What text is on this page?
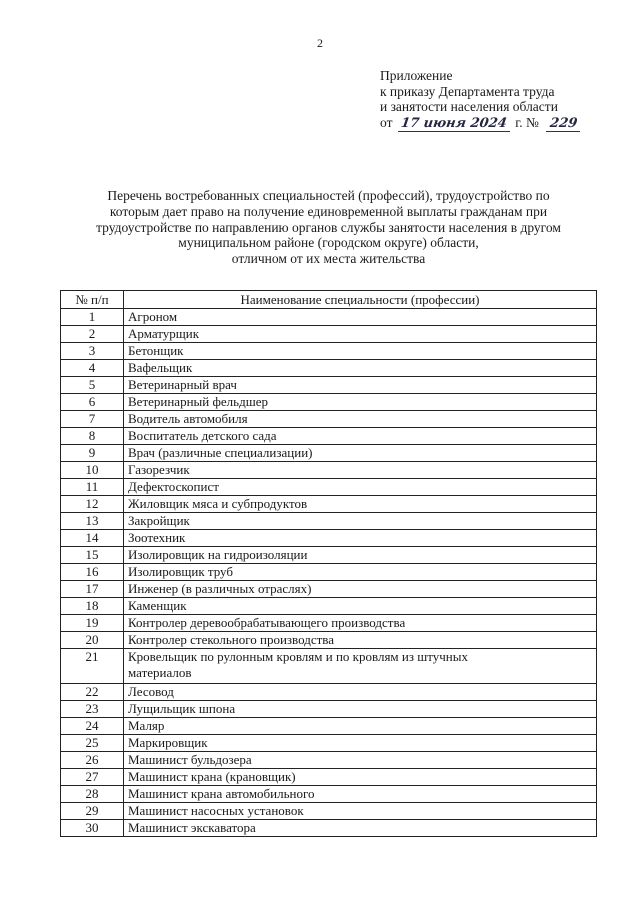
2
Приложение
к приказу Департамента труда
и занятости населения области
от 17 июня 2024 г. № 229
Перечень востребованных специальностей (профессий), трудоустройство по
которым дает право на получение единовременной выплаты гражданам при
трудоустройстве по направлению органов службы занятости населения в другом
муниципальном районе (городском округе) области,
отличном от их места жительства
№ п/п	Наименование специальности (профессии)
1	Агроном
2	Арматурщик
3	Бетонщик
4	Вафельщик
5	Ветеринарный врач
6	Ветеринарный фельдшер
7	Водитель автомобиля
8	Воспитатель детского сада
9	Врач (различные специализации)
10	Газорезчик
11	Дефектоскопист
12	Жиловщик мяса и субпродуктов
13	Закройщик
14	Зоотехник
15	Изолировщик на гидроизоляции
16	Изолировщик труб
17	Инженер (в различных отраслях)
18	Каменщик
19	Контролер деревообрабатывающего производства
20	Контролер стекольного производства
21	Кровельщик по рулонным кровлям и по кровлям из штучных
материалов

22	Лесовод
23	Лущильщик шпона
24	Маляр
25	Маркировщик
26	Машинист бульдозера
27	Машинист крана (крановщик)
28	Машинист крана автомобильного
29	Машинист насосных установок
30	Машинист экскаватора
